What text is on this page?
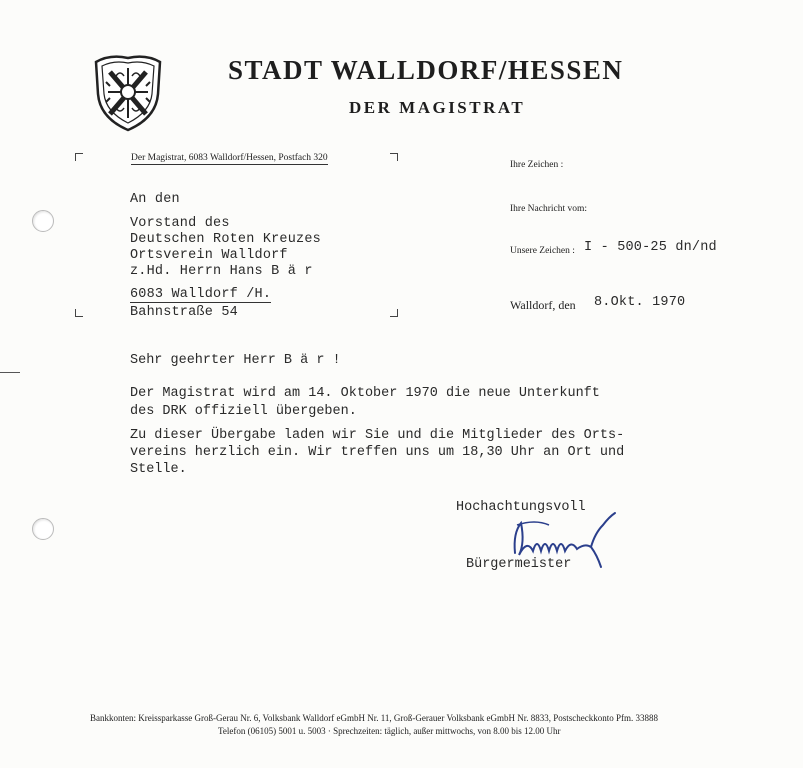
STADT WALLDORF/HESSEN
DER MAGISTRAT
Der Magistrat, 6083 Walldorf/Hessen, Postfach 320
An den
Vorstand des
Deutschen Roten Kreuzes
Ortsverein Walldorf
z.Hd. Herrn Hans B ä r
6083 Walldorf /H.
Bahnstraße 54
Ihre Zeichen :
Ihre Nachricht vom:
Unsere Zeichen : I - 500-25 dn/nd
Walldorf, den 8.Okt. 1970
Sehr geehrter Herr B ä r !
Der Magistrat wird am 14. Oktober 1970 die neue Unterkunft
des DRK offiziell übergeben.
Zu dieser Übergabe laden wir Sie und die Mitglieder des Orts-
vereins herzlich ein. Wir treffen uns um 18,30 Uhr an Ort und
Stelle.
Hochachtungsvoll
Bürgermeister
Bankkonten: Kreissparkasse Groß-Gerau Nr. 6, Volksbank Walldorf eGmbH Nr. 11, Groß-Gerauer Volksbank eGmbH Nr. 8833, Postscheckkonto Pfm. 33888
Telefon (06105) 5001 u. 5003 · Sprechzeiten: täglich, außer mittwochs, von 8.00 bis 12.00 Uhr
